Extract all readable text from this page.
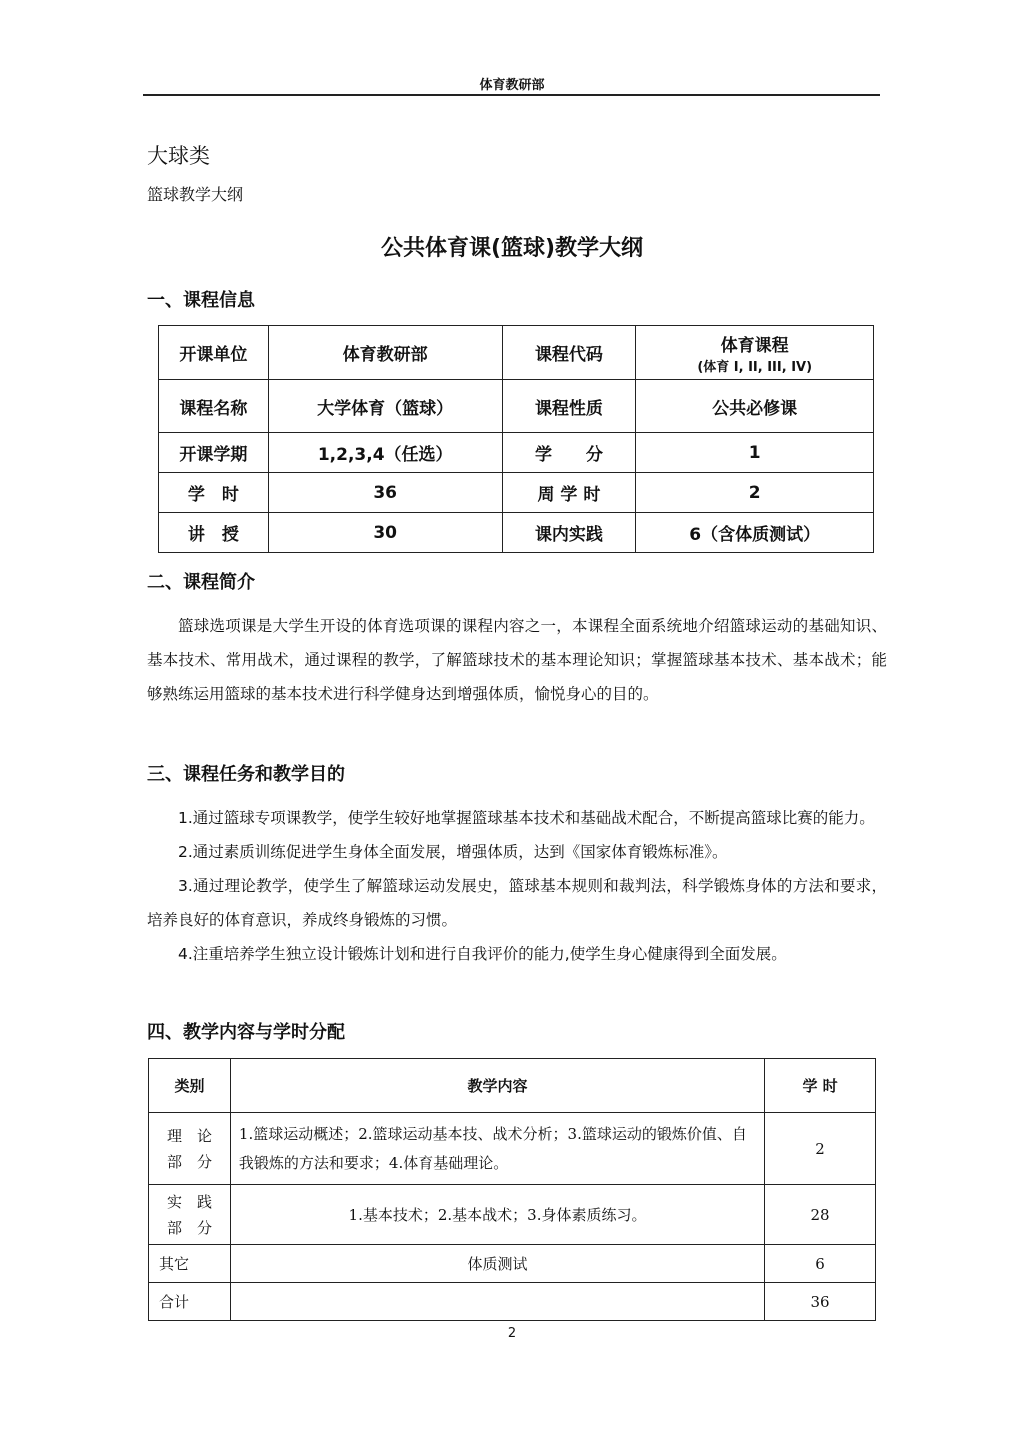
体育教研部
大球类
篮球教学大纲
公共体育课(篮球)教学大纲
一、课程信息
开课单位	体育教研部	课程代码	体育课程
(体育 I, II, III, IV)

课程名称	大学体育（篮球）	课程性质	公共必修课
开课学期	1,2,3,4（任选）	学　　分	1
学　时	36	周 学 时	2
讲　授	30	课内实践	6（含体质测试）
二、课程简介

篮球选项课是大学生开设的体育选项课的课程内容之一，本课程全面系统地介绍篮球运动的基础知识、基本技术、常用战术，通过课程的教学，了解篮球技术的基本理论知识；掌握篮球基本技术、基本战术；能够熟练运用篮球的基本技术进行科学健身达到增强体质，愉悦身心的目的。

三、课程任务和教学目的

1.通过篮球专项课教学，使学生较好地掌握篮球基本技术和基础战术配合，不断提高篮球比赛的能力。

2.通过素质训练促进学生身体全面发展，增强体质，达到《国家体育锻炼标准》。

3.通过理论教学，使学生了解篮球运动发展史，篮球基本规则和裁判法，科学锻炼身体的方法和要求，培养良好的体育意识，养成终身锻炼的习惯。

4.注重培养学生独立设计锻炼计划和进行自我评价的能力,使学生身心健康得到全面发展。

四、教学内容与学时分配
类别	教学内容	学 时

理　论
部　分	1.篮球运动概述；2.篮球运动基本技、战术分析；3.篮球运动的锻炼价值、自我锻炼的方法和要求；4.体育基础理论。	2

实　践
部　分	1.基本技术；2.基本战术；3.身体素质练习。	28
其它	体质测试	6
合计		36
2
